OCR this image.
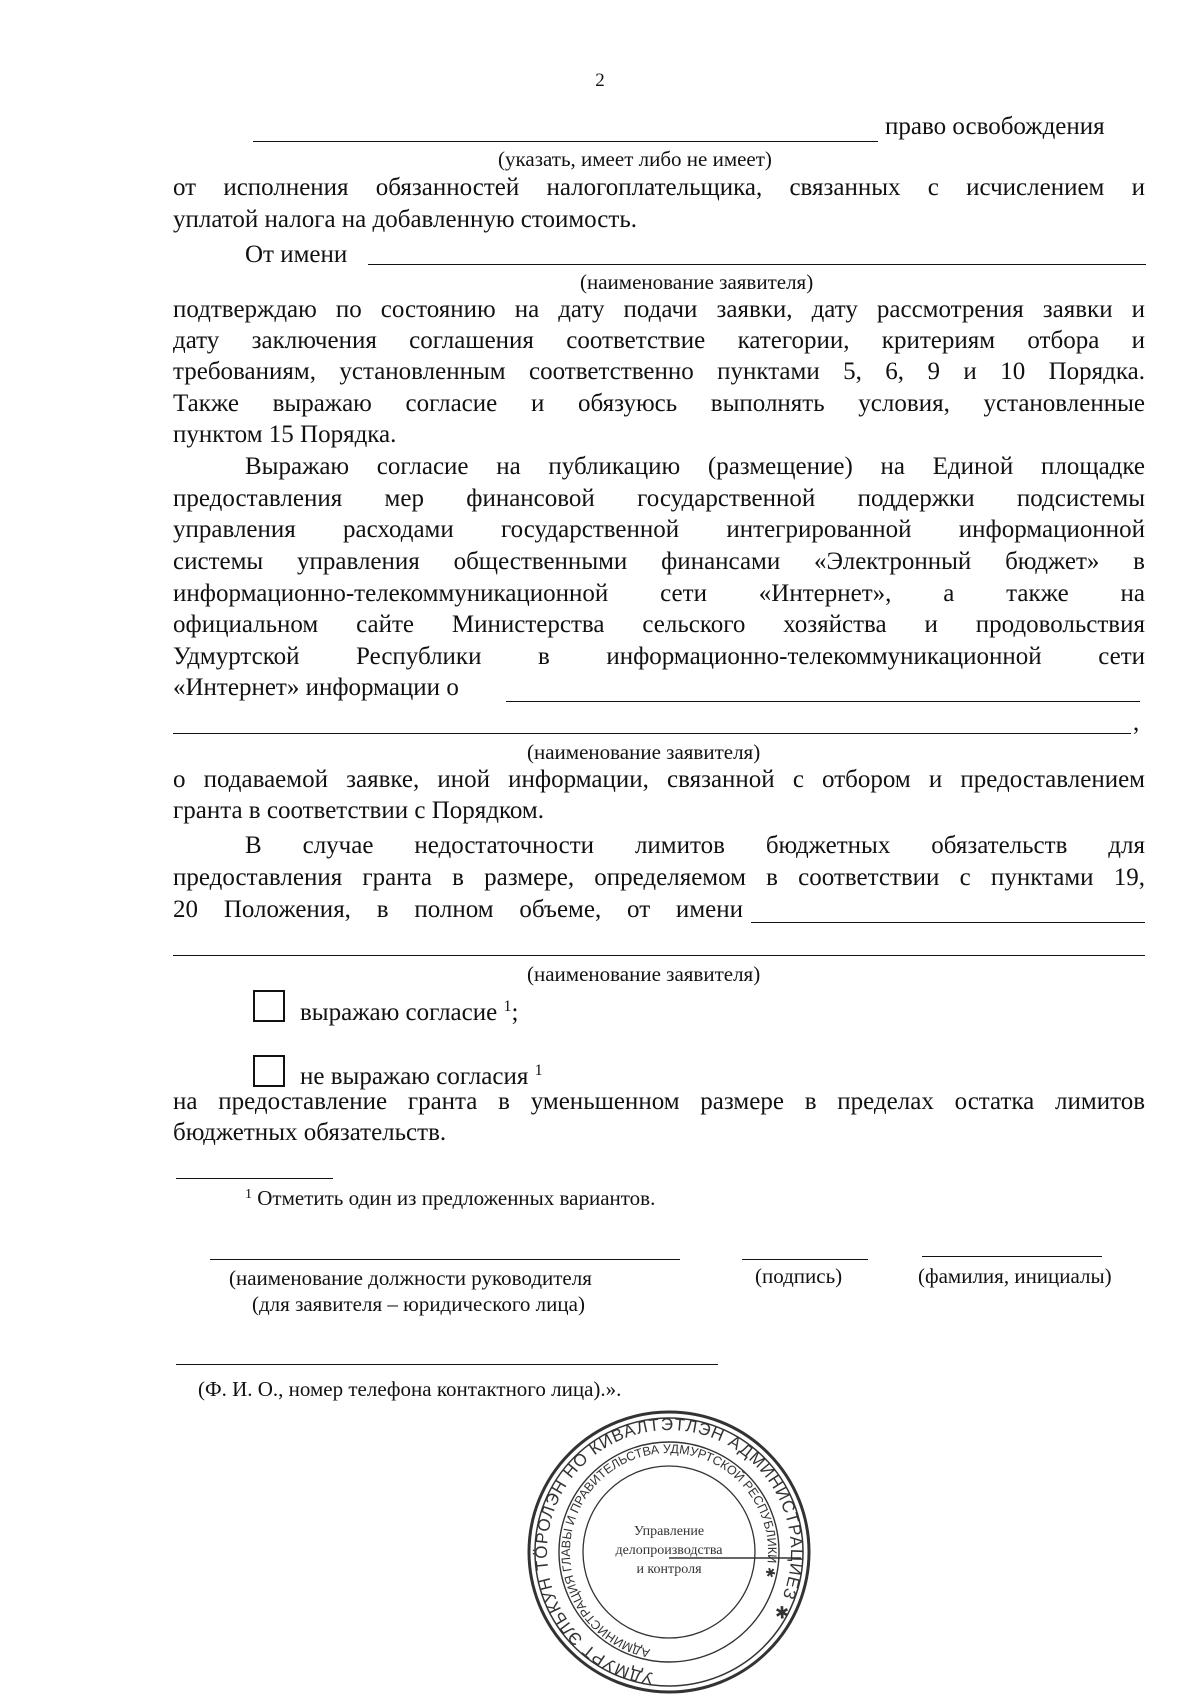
2
право освобождения
(указать, имеет либо не имеет)
от исполнения обязанностей налогоплательщика, связанных с исчислением и
уплатой налога на добавленную стоимость.
От имени
(наименование заявителя)
подтверждаю по состоянию на дату подачи заявки, дату рассмотрения заявки и
дату заключения соглашения соответствие категории, критериям отбора и
требованиям, установленным соответственно пунктами 5, 6, 9 и 10 Порядка.
Также выражаю согласие и обязуюсь выполнять условия, установленные
пунктом 15 Порядка.
Выражаю согласие на публикацию (размещение) на Единой площадке
предоставления мер финансовой государственной поддержки подсистемы
управления расходами государственной интегрированной информационной
системы управления общественными финансами «Электронный бюджет» в
информационно-телекоммуникационной сети «Интернет», а также на
официальном сайте Министерства сельского хозяйства и продовольствия
Удмуртской Республики в информационно-телекоммуникационной сети
«Интернет» информации о
,
(наименование заявителя)
о подаваемой заявке, иной информации, связанной с отбором и предоставлением
гранта в соответствии с Порядком.
В случае недостаточности лимитов бюджетных обязательств для
предоставления гранта в размере, определяемом в соответствии с пунктами 19,
20 Положения, в полном объеме, от имени
(наименование заявителя)
выражаю согласие $^1$;
не выражаю согласия $^1$
на предоставление гранта в уменьшенном размере в пределах остатка лимитов
бюджетных обязательств.
$^1$ Отметить один из предложенных вариантов.
(наименование должности руководителя
(для заявителя – юридического лица)
(подпись)	(фамилия, инициалы)
(Ф. И. О., номер телефона контактного лица).».
УДМУРТ ЭЛЬКУН ТӦРОЛЭН НО КИВАЛТЭТЛЭН АДМИНИСТРАЦИЕЗ ✱
АДМИНИСТРАЦИЯ ГЛАВЫ И ПРАВИТЕЛЬСТВА УДМУРТСКОЙ РЕСПУБЛИКИ ✱
Управление
делопроизводства
и контроля
